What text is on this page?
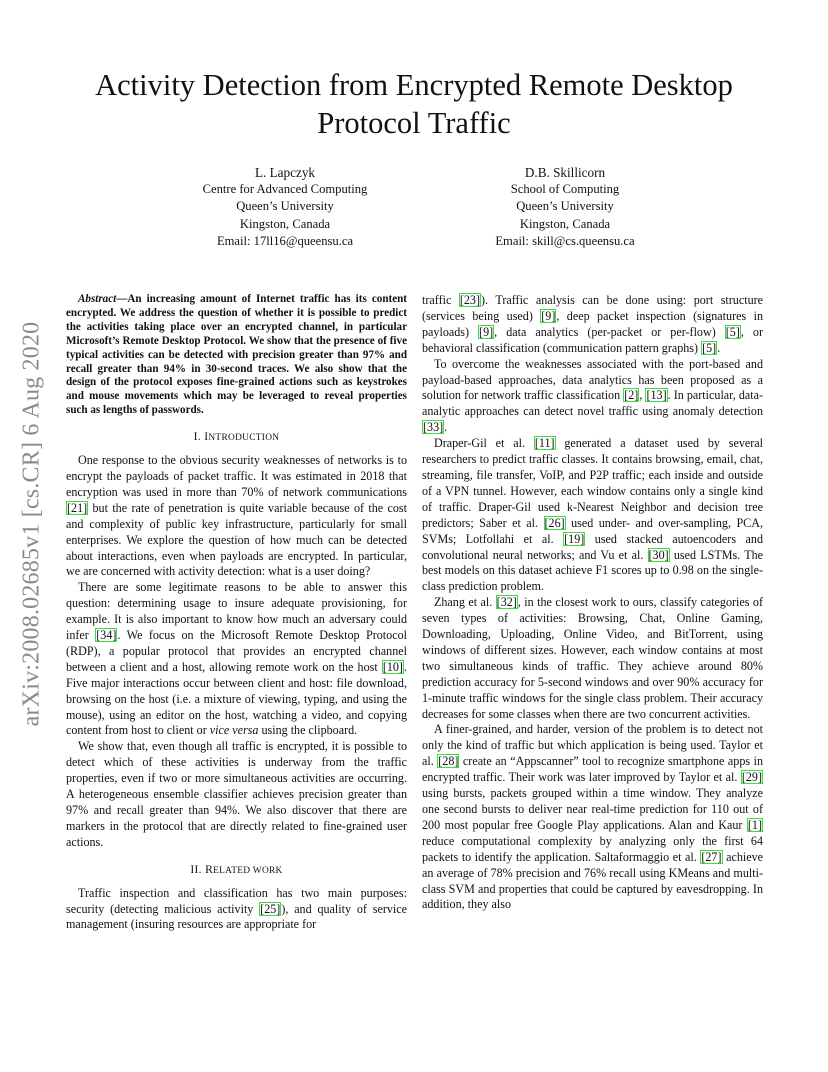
Activity Detection from Encrypted Remote Desktop
Protocol Traffic
L. Lapczyk
Centre for Advanced Computing
Queen’s University
Kingston, Canada
Email: 17ll16@queensu.ca
D.B. Skillicorn
School of Computing
Queen’s University
Kingston, Canada
Email: skill@cs.queensu.ca
arXiv:2008.02685v1 [cs.CR] 6 Aug 2020

Abstract—An increasing amount of Internet traffic has its content encrypted. We address the question of whether it is possible to predict the activities taking place over an encrypted channel, in particular Microsoft’s Remote Desktop Protocol. We show that the presence of five typical activities can be detected with precision greater than 97% and recall greater than 94% in 30-second traces. We also show that the design of the protocol exposes fine-grained actions such as keystrokes and mouse movements which may be leveraged to reveal properties such as lengths of passwords.

I. INTRODUCTION

One response to the obvious security weaknesses of networks is to encrypt the payloads of packet traffic. It was estimated in 2018 that encryption was used in more than 70% of network communications [21] but the rate of penetration is quite variable because of the cost and complexity of public key infrastructure, particularly for small enterprises. We explore the question of how much can be detected about interactions, even when payloads are encrypted. In particular, we are concerned with activity detection: what is a user doing?

There are some legitimate reasons to be able to answer this question: determining usage to insure adequate provisioning, for example. It is also important to know how much an adversary could infer [34]. We focus on the Microsoft Remote Desktop Protocol (RDP), a popular protocol that provides an encrypted channel between a client and a host, allowing remote work on the host [10]. Five major interactions occur between client and host: file download, browsing on the host (i.e. a mixture of viewing, typing, and using the mouse), using an editor on the host, watching a video, and copying content from host to client or vice versa using the clipboard.

We show that, even though all traffic is encrypted, it is possible to detect which of these activities is underway from the traffic properties, even if two or more simultaneous activities are occurring. A heterogeneous ensemble classifier achieves precision greater than 97% and recall greater than 94%. We also discover that there are markers in the protocol that are directly related to fine-grained user actions.

II. RELATED WORK

Traffic inspection and classification has two main purposes: security (detecting malicious activity [25]), and quality of service management (insuring resources are appropriate for

traffic [23]). Traffic analysis can be done using: port structure (services being used) [9], deep packet inspection (signatures in payloads) [9], data analytics (per-packet or per-flow) [5], or behavioral classification (communication pattern graphs) [5].

To overcome the weaknesses associated with the port-based and payload-based approaches, data analytics has been proposed as a solution for network traffic classification [2], [13]. In particular, data-analytic approaches can detect novel traffic using anomaly detection [33].

Draper-Gil et al. [11] generated a dataset used by several researchers to predict traffic classes. It contains browsing, email, chat, streaming, file transfer, VoIP, and P2P traffic; each inside and outside of a VPN tunnel. However, each window contains only a single kind of traffic. Draper-Gil used k-Nearest Neighbor and decision tree predictors; Saber et al. [26] used under- and over-sampling, PCA, SVMs; Lotfollahi et al. [19] used stacked autoencoders and convolutional neural networks; and Vu et al. [30] used LSTMs. The best models on this dataset achieve F1 scores up to 0.98 on the single-class prediction problem.

Zhang et al. [32], in the closest work to ours, classify categories of seven types of activities: Browsing, Chat, Online Gaming, Downloading, Uploading, Online Video, and BitTorrent, using windows of different sizes. However, each window contains at most two simultaneous kinds of traffic. They achieve around 80% prediction accuracy for 5-second windows and over 90% accuracy for 1-minute traffic windows for the single class problem. Their accuracy decreases for some classes when there are two concurrent activities.

A finer-grained, and harder, version of the problem is to detect not only the kind of traffic but which application is being used. Taylor et al. [28] create an “Appscanner” tool to recognize smartphone apps in encrypted traffic. Their work was later improved by Taylor et al. [29] using bursts, packets grouped within a time window. They analyze one second bursts to deliver near real-time prediction for 110 out of 200 most popular free Google Play applications. Alan and Kaur [1] reduce computational complexity by analyzing only the first 64 packets to identify the application. Saltaformaggio et al. [27] achieve an average of 78% precision and 76% recall using KMeans and multi-class SVM and properties that could be captured by eavesdropping. In addition, they also
